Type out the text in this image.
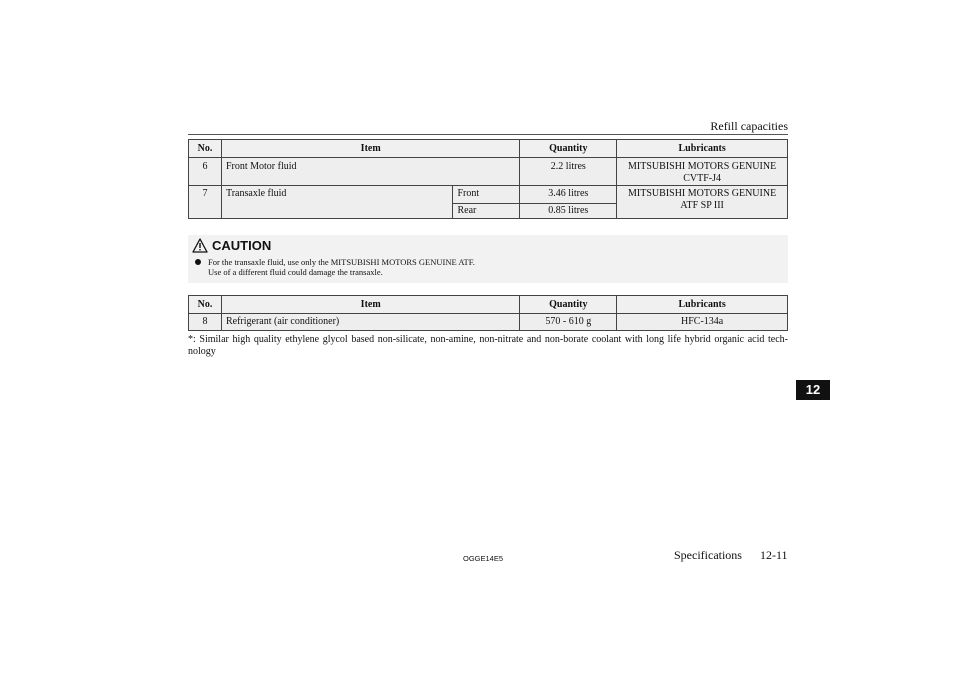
Refill capacities
No.	Item		Quantity	Lubricants
6	Front Motor fluid		2.2 litres	MITSUBISHI MOTORS GENUINE
CVTF-J4

7	Transaxle fluid	Front	3.46 litres	MITSUBISHI MOTORS GENUINE
ATF SP III

		Rear	0.85 litres	
CAUTION
For the transaxle fluid, use only the MITSUBISHI MOTORS GENUINE ATF.
Use of a different fluid could damage the transaxle.
No.	Item	Quantity	Lubricants
8	Refrigerant (air conditioner)	570 - 610 g	HFC-134a
*: Similar high quality ethylene glycol based non-silicate, non-amine, non-nitrate and non-borate coolant with long life hybrid organic acid tech-nology
12
OGGE14E5	Specifications 12-11
